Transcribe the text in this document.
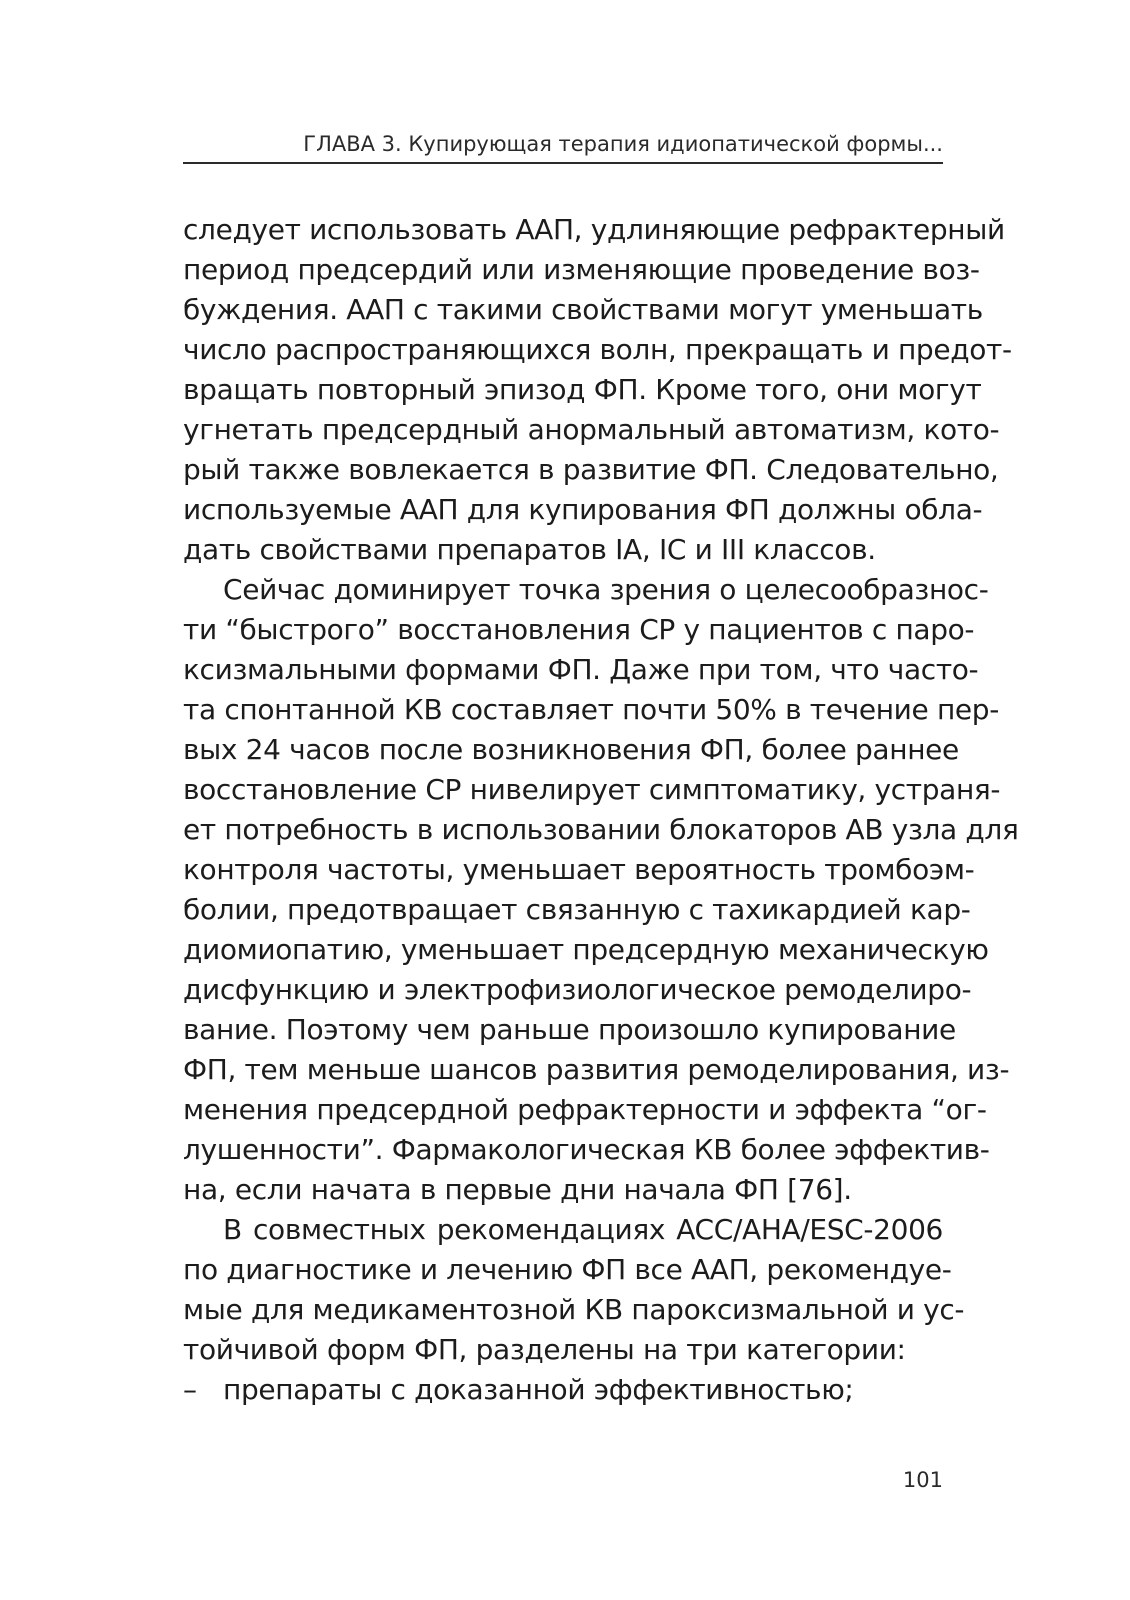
ГЛАВА 3. Купирующая терапия идиопатической формы...
следует использовать ААП, удлиняющие рефрактерный
период предсердий или изменяющие проведение воз-
буждения. ААП с такими свойствами могут уменьшать
число распространяющихся волн, прекращать и предот-
вращать повторный эпизод ФП. Кроме того, они могут
угнетать предсердный анормальный автоматизм, кото-
рый также вовлекается в развитие ФП. Следовательно,
используемые ААП для купирования ФП должны обла-
дать свойствами препаратов IA, IC и III классов.
Сейчас доминирует точка зрения о целесообразнос-
ти “быстрого” восстановления СР у пациентов с паро-
ксизмальными формами ФП. Даже при том, что часто-
та спонтанной КВ составляет почти 50% в течение пер-
вых 24 часов после возникновения ФП, более раннее
восстановление СР нивелирует симптоматику, устраня-
ет потребность в использовании блокаторов АВ узла для
контроля частоты, уменьшает вероятность тромбоэм-
болии, предотвращает связанную с тахикардией кар-
диомиопатию, уменьшает предсердную механическую
дисфункцию и электрофизиологическое ремоделиро-
вание. Поэтому чем раньше произошло купирование
ФП, тем меньше шансов развития ремоделирования, из-
менения предсердной рефрактерности и эффекта “ог-
лушенности”. Фармакологическая КВ более эффектив-
на, если начата в первые дни начала ФП [76].
В совместных рекомендациях ACC/AHA/ESC-2006
по диагностике и лечению ФП все ААП, рекомендуе-
мые для медикаментозной КВ пароксизмальной и ус-
тойчивой форм ФП, разделены на три категории:
– препараты с доказанной эффективностью;
101
